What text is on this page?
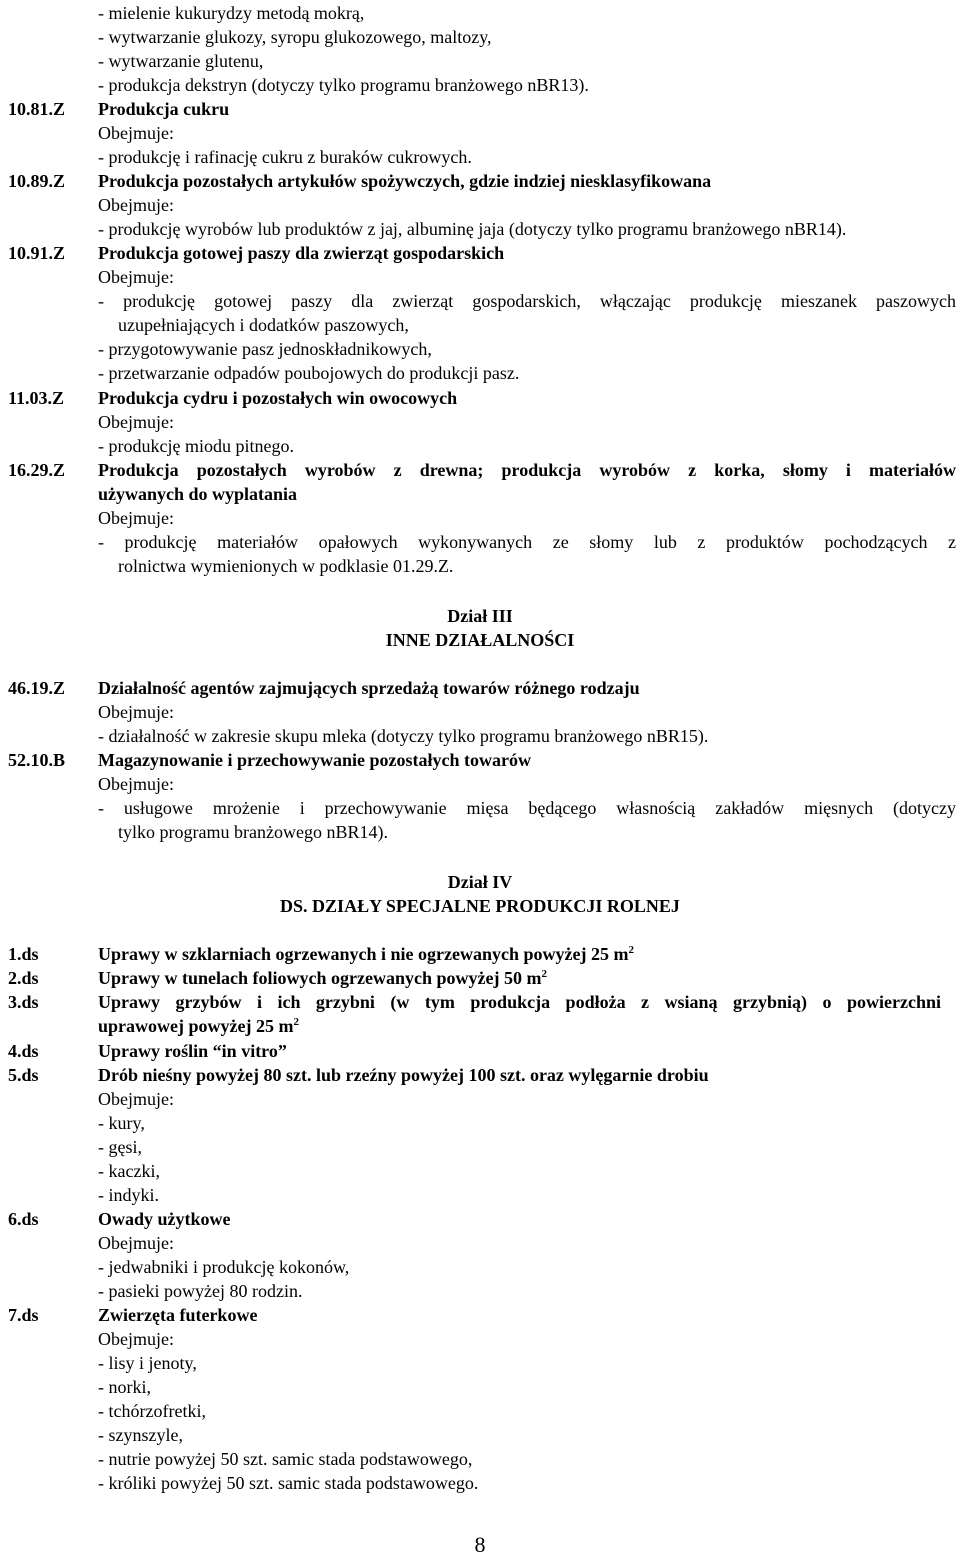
- mielenie kukurydzy metodą mokrą,
- wytwarzanie glukozy, syropu glukozowego, maltozy,
- wytwarzanie glutenu,
- produkcja dekstryn (dotyczy tylko programu branżowego nBR13).
10.81.Z Produkcja cukru
Obejmuje:
- produkcję i rafinację cukru z buraków cukrowych.
10.89.Z Produkcja pozostałych artykułów spożywczych, gdzie indziej niesklasyfikowana
Obejmuje:
- produkcję wyrobów lub produktów z jaj, albuminę jaja (dotyczy tylko programu branżowego nBR14).
10.91.Z Produkcja gotowej paszy dla zwierząt gospodarskich
Obejmuje:
- produkcję gotowej paszy dla zwierząt gospodarskich, włączając produkcję mieszanek paszowych
uzupełniających i dodatków paszowych,
- przygotowywanie pasz jednoskładnikowych,
- przetwarzanie odpadów poubojowych do produkcji pasz.
11.03.Z Produkcja cydru i pozostałych win owocowych
Obejmuje:
- produkcję miodu pitnego.
16.29.Z Produkcja pozostałych wyrobów z drewna; produkcja wyrobów z korka, słomy i materiałów
używanych do wyplatania
Obejmuje:
- produkcję materiałów opałowych wykonywanych ze słomy lub z produktów pochodzących z
rolnictwa wymienionych w podklasie 01.29.Z.
Dział III
INNE DZIAŁALNOŚCI
46.19.Z Działalność agentów zajmujących sprzedażą towarów różnego rodzaju
Obejmuje:
- działalność w zakresie skupu mleka (dotyczy tylko programu branżowego nBR15).
52.10.B Magazynowanie i przechowywanie pozostałych towarów
Obejmuje:
- usługowe mrożenie i przechowywanie mięsa będącego własnością zakładów mięsnych (dotyczy
tylko programu branżowego nBR14).
Dział IV
DS. DZIAŁY SPECJALNE PRODUKCJI ROLNEJ
1.ds	Uprawy w szklarniach ogrzewanych i nie ogrzewanych powyżej 25 $m^2$
2.ds	Uprawy w tunelach foliowych ogrzewanych powyżej 50 $m^2$
3.ds	Uprawy grzybów i ich grzybni (w tym produkcja podłoża z wsianą grzybnią) o powierzchni
uprawowej powyżej 25 $m^2$
4.ds	Uprawy roślin “in vitro”
5.ds	Drób nieśny powyżej 80 szt. lub rzeźny powyżej 100 szt. oraz wylęgarnie drobiu
Obejmuje:
- kury,
- gęsi,
- kaczki,
- indyki.
6.ds	Owady użytkowe
Obejmuje:
- jedwabniki i produkcję kokonów,
- pasieki powyżej 80 rodzin.
7.ds	Zwierzęta futerkowe
Obejmuje:
- lisy i jenoty,
- norki,
- tchórzofretki,
- szynszyle,
- nutrie powyżej 50 szt. samic stada podstawowego,
- króliki powyżej 50 szt. samic stada podstawowego.
8
